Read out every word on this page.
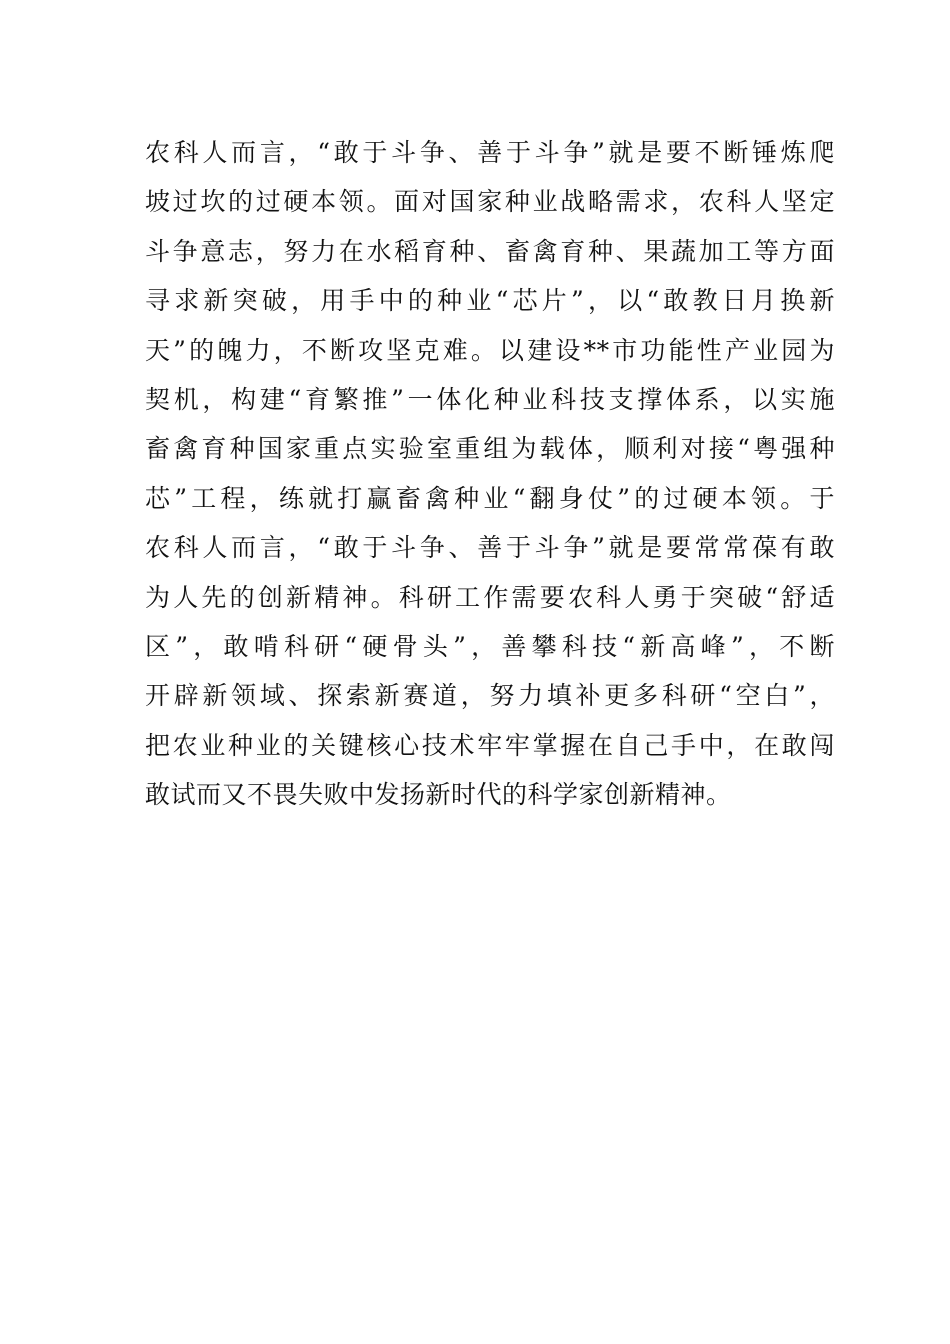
农科人而言，“敢于斗争、善于斗争”就是要不断锤炼爬
坡过坎的过硬本领。面对国家种业战略需求，农科人坚定
斗争意志，努力在水稻育种、畜禽育种、果蔬加工等方面
寻求新突破，用手中的种业“芯片”，以“敢教日月换新
天”的魄力，不断攻坚克难。以建设**市功能性产业园为
契机，构建“育繁推”一体化种业科技支撑体系，以实施
畜禽育种国家重点实验室重组为载体，顺利对接“粤强种
芯”工程，练就打赢畜禽种业“翻身仗”的过硬本领。于
农科人而言，“敢于斗争、善于斗争”就是要常常葆有敢
为人先的创新精神。科研工作需要农科人勇于突破“舒适
区”，敢啃科研“硬骨头”，善攀科技“新高峰”，不断
开辟新领域、探索新赛道，努力填补更多科研“空白”，
把农业种业的关键核心技术牢牢掌握在自己手中，在敢闯
敢试而又不畏失败中发扬新时代的科学家创新精神。
